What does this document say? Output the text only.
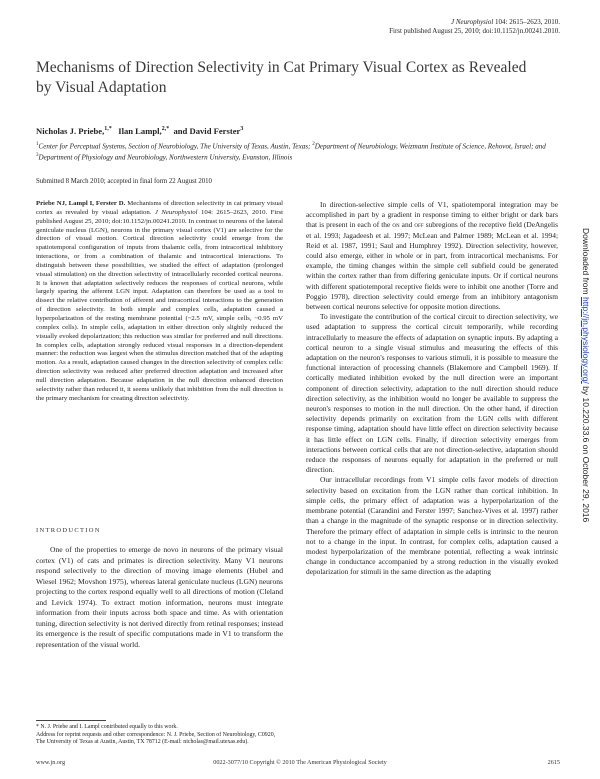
J Neurophysiol 104: 2615–2623, 2010.
First published August 25, 2010; doi:10.1152/jn.00241.2010.
Mechanisms of Direction Selectivity in Cat Primary Visual Cortex as Revealed by Visual Adaptation
Nicholas J. Priebe,$^{1,*}$ Ilan Lampl,$^{2,*}$ and David Ferster$^3$
$^1$Center for Perceptual Systems, Section of Neurobiology, The University of Texas, Austin, Texas; $^2$Department of Neurobiology, Weizmann Institute of Science, Rehovot, Israel; and $^3$Department of Physiology and Neurobiology, Northwestern University, Evanston, Illinois
Submitted 8 March 2010; accepted in final form 22 August 2010
Priebe NJ, Lampl I, Ferster D. Mechanisms of direction selectivity in cat primary visual cortex as revealed by visual adaptation. J Neurophysiol 104: 2615–2623, 2010. First published August 25, 2010; doi:10.1152/jn.00241.2010. In contrast to neurons of the lateral geniculate nucleus (LGN), neurons in the primary visual cortex (V1) are selective for the direction of visual motion. Cortical direction selectivity could emerge from the spatiotemporal configuration of inputs from thalamic cells, from intracortical inhibitory interactions, or from a combination of thalamic and intracortical interactions. To distinguish between these possibilities, we studied the effect of adaptation (prolonged visual stimulation) on the direction selectivity of intracellularly recorded cortical neurons. It is known that adaptation selectively reduces the responses of cortical neurons, while largely sparing the afferent LGN input. Adaptation can therefore be used as a tool to dissect the relative contribution of afferent and intracortical interactions to the generation of direction selectivity. In both simple and complex cells, adaptation caused a hyperpolarization of the resting membrane potential (~2.5 mV, simple cells, ~0.95 mV complex cells). In simple cells, adaptation in either direction only slightly reduced the visually evoked depolarization; this reduction was similar for preferred and null directions. In complex cells, adaptation strongly reduced visual responses in a direction-dependent manner: the reduction was largest when the stimulus direction matched that of the adapting motion. As a result, adaptation caused changes in the direction selectivity of complex cells: direction selectivity was reduced after preferred direction adaptation and increased after null direction adaptation. Because adaptation in the null direction enhanced direction selectivity rather than reduced it, it seems unlikely that inhibition from the null direction is the primary mechanism for creating direction selectivity.
INTRODUCTION

One of the properties to emerge de novo in neurons of the primary visual cortex (V1) of cats and primates is direction selectivity. Many V1 neurons respond selectively to the direction of moving image elements (Hubel and Wiesel 1962; Movshon 1975), whereas lateral geniculate nucleus (LGN) neurons projecting to the cortex respond equally well to all directions of motion (Cleland and Levick 1974). To extract motion information, neurons must integrate information from their inputs across both space and time. As with orientation tuning, direction selectivity is not derived directly from retinal responses; instead its emergence is the result of specific computations made in V1 to transform the representation of the visual world.

* N. J. Priebe and I. Lampl contributed equally to this work.
Address for reprint requests and other correspondence: N. J. Priebe, Section of Neurobiology, C0920, The University of Texas at Austin, Austin, TX 78712 (E-mail: nicholas@mail.utexas.edu).

In direction-selective simple cells of V1, spatiotemporal integration may be accomplished in part by a gradient in response timing to either bright or dark bars that is present in each of the on and off subregions of the receptive field (DeAngelis et al. 1993; Jagadeesh et al. 1997; McLean and Palmer 1989; McLean et al. 1994; Reid et al. 1987, 1991; Saul and Humphrey 1992). Direction selectivity, however, could also emerge, either in whole or in part, from intracortical mechanisms. For example, the timing changes within the simple cell subfield could be generated within the cortex rather than from differing geniculate inputs. Or if cortical neurons with different spatiotemporal receptive fields were to inhibit one another (Torre and Poggio 1978), direction selectivity could emerge from an inhibitory antagonism between cortical neurons selective for opposite motion directions.

To investigate the contribution of the cortical circuit to direction selectivity, we used adaptation to suppress the cortical circuit temporarily, while recording intracellularly to measure the effects of adaptation on synaptic inputs. By adapting a cortical neuron to a single visual stimulus and measuring the effects of this adaptation on the neuron's responses to various stimuli, it is possible to measure the functional interaction of processing channels (Blakemore and Campbell 1969). If cortically mediated inhibition evoked by the null direction were an important component of direction selectivity, adaptation to the null direction should reduce direction selectivity, as the inhibition would no longer be available to suppress the neuron's responses to motion in the null direction. On the other hand, if direction selectivity depends primarily on excitation from the LGN cells with different response timing, adaptation should have little effect on direction selectivity because it has little effect on LGN cells. Finally, if direction selectivity emerges from interactions between cortical cells that are not direction-selective, adaptation should reduce the responses of neurons equally for adaptation in the preferred or null direction.

Our intracellular recordings from V1 simple cells favor models of direction selectivity based on excitation from the LGN rather than cortical inhibition. In simple cells, the primary effect of adaptation was a hyperpolarization of the membrane potential (Carandini and Ferster 1997; Sanchez-Vives et al. 1997) rather than a change in the magnitude of the synaptic response or in direction selectivity. Therefore the primary effect of adaptation in simple cells is intrinsic to the neuron not to a change in the input. In contrast, for complex cells, adaptation caused a modest hyperpolarization of the membrane potential, reflecting a weak intrinsic change in conductance accompanied by a strong reduction in the visually evoked depolarization for stimuli in the same direction as the adapting

www.jn.org	0022-3077/10 Copyright © 2010 The American Physiological Society	2615
Downloaded from http://jn.physiology.org/ by 10.220.33.6 on October 29, 2016
